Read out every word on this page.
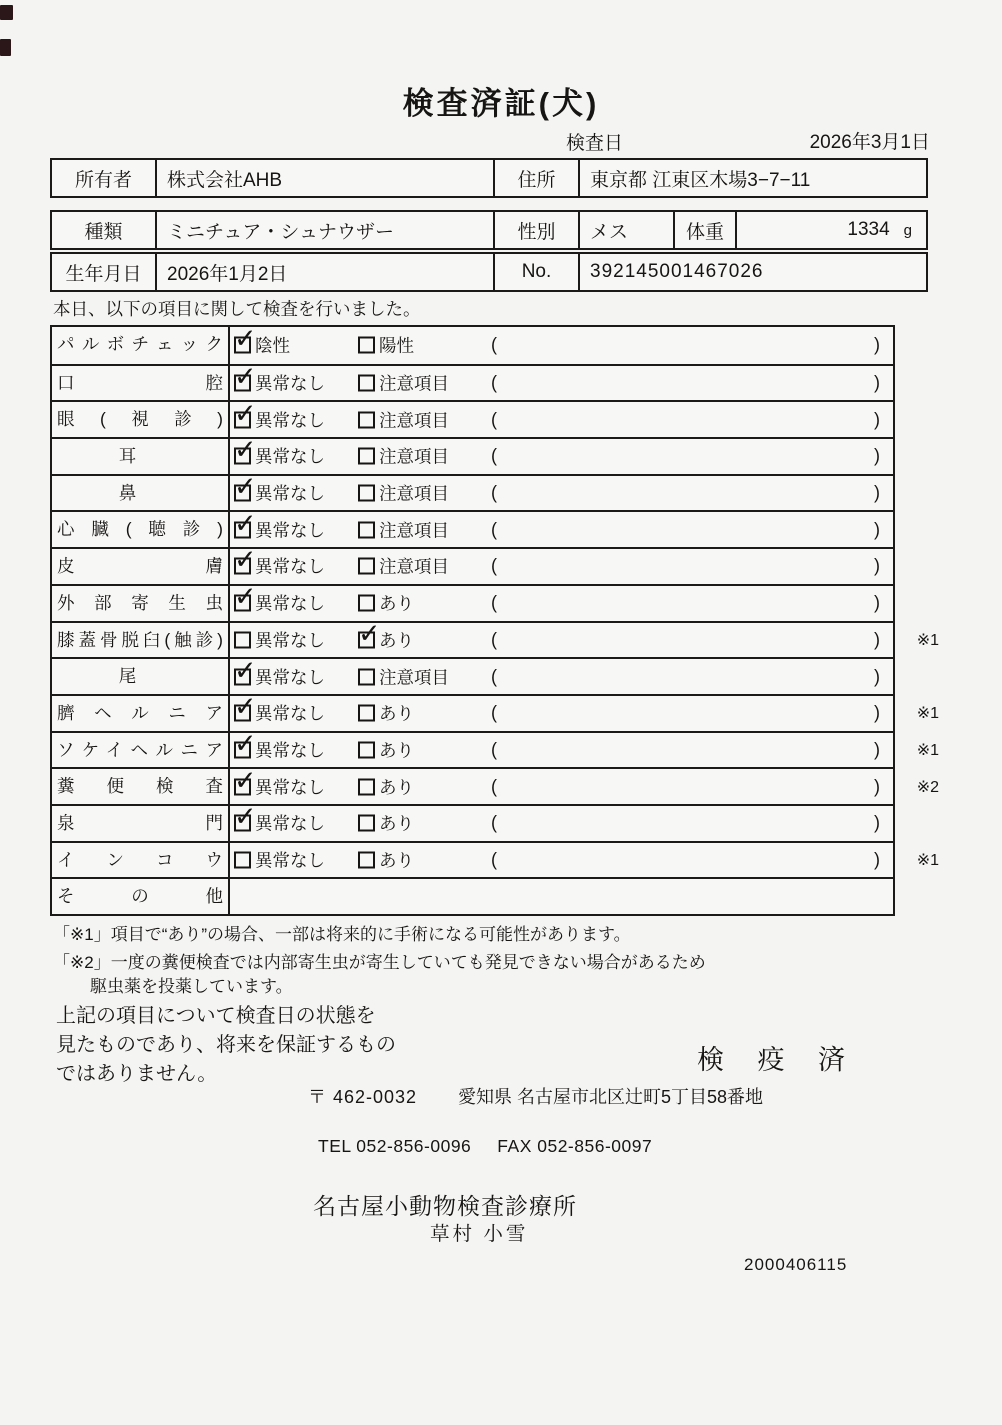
検査済証(犬)
検査日	2026年3月1日
所有者	株式会社AHB	住所	東京都 江東区木場3−7−11
種類	ミニチュア・シュナウザー	性別	メス	体重	1334 g
生年月日	2026年1月2日	No.	392145001467026
本日、以下の項目に関して検査を行いました。
パルボチェック ✓	陰性	陽性	(	)
口腔 ✓	異常なし	注意項目 (	)
眼(視診) ✓	異常なし	注意項目 (	)
耳 ✓	異常なし	注意項目 (	)
鼻 ✓	異常なし	注意項目 (	)
心臓(聴診) ✓	異常なし	注意項目 (	)
皮膚 ✓	異常なし	注意項目 (	)
外部寄生虫 ✓	異常なし	あり	(	)
膝蓋骨脱臼(触診)	異常なし ✓	あり	(	) ※1
尾 ✓	異常なし	注意項目 (	)
臍ヘルニア ✓	異常なし	あり	(	) ※1
ソケイヘルニア ✓	異常なし	あり	(	) ※1
糞便検査 ✓	異常なし	あり	(	) ※2
泉門 ✓	異常なし	あり	(	)
インコウ	異常なし	あり	(	) ※1
その他
「※1」項目で“あり”の場合、一部は将来的に手術になる可能性があります。
「※2」一度の糞便検査では内部寄生虫が寄生していても発見できない場合があるため
駆虫薬を投薬しています。
上記の項目について検査日の状態を
見たものであり、将来を保証するもの
ではありません。	検 疫 済
〒 462-0032 愛知県 名古屋市北区辻町5丁目58番地
TEL 052-856-0096 FAX 052-856-0097
名古屋小動物検査診療所
草村 小雪
2000406115
